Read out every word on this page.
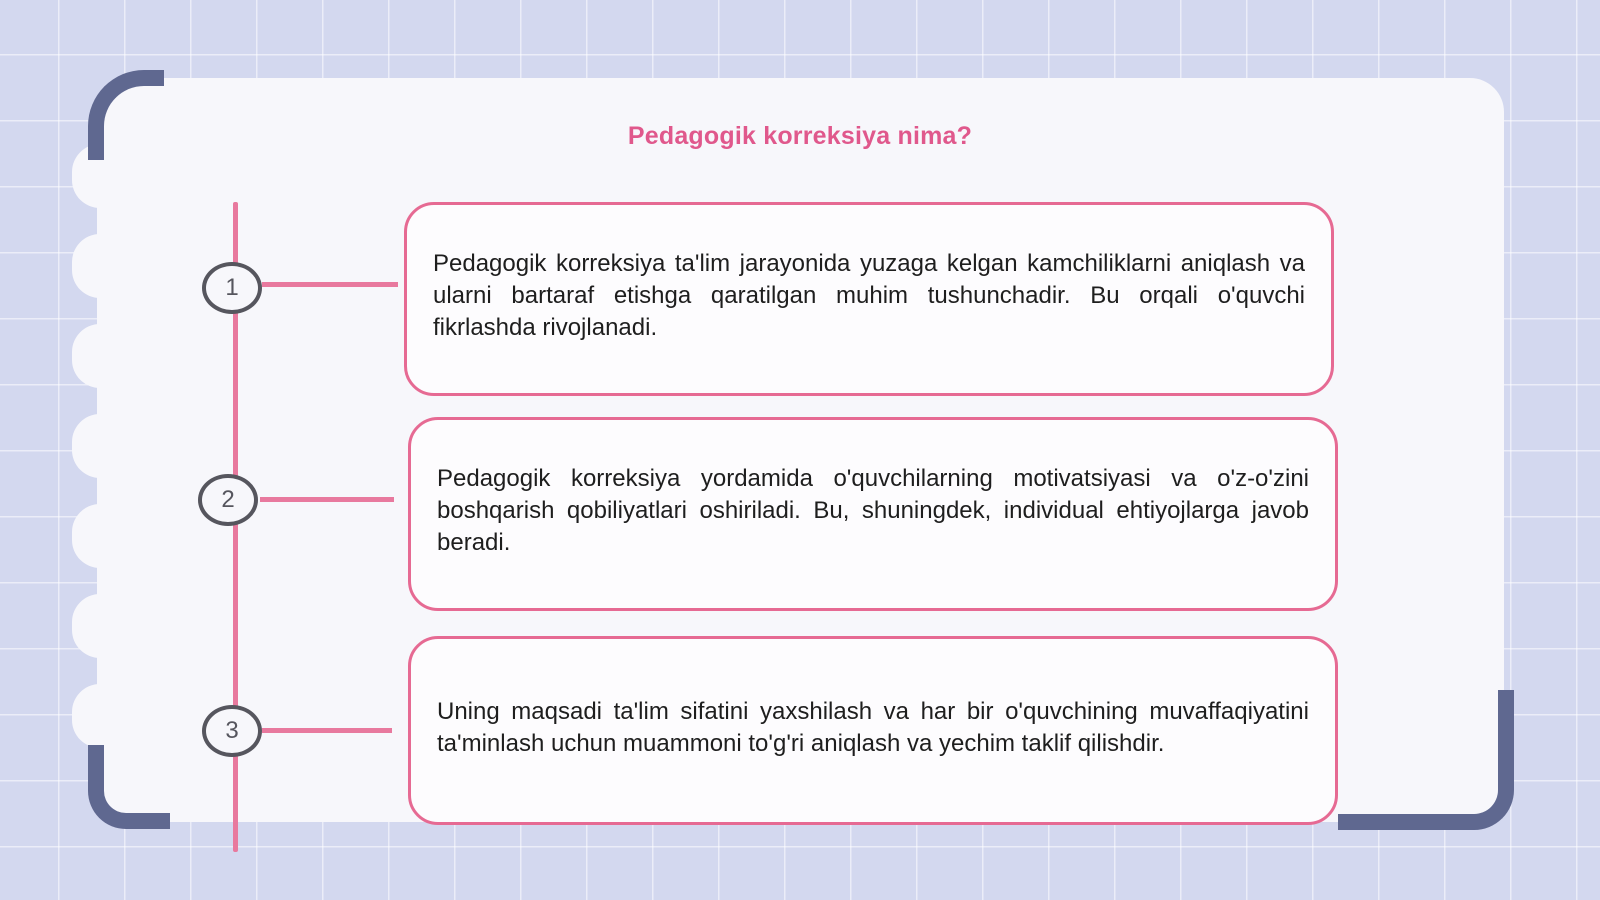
Pedagogik korreksiya nima?
1
2
3
Pedagogik korreksiya ta'lim jarayonida yuzaga kelgan kamchiliklarni aniqlash va ularni bartaraf etishga qaratilgan muhim tushunchadir. Bu orqali o'quvchi fikrlashda rivojlanadi.
Pedagogik korreksiya yordamida o'quvchilarning motivatsiyasi va o'z-o'zini boshqarish qobiliyatlari oshiriladi. Bu, shuningdek, individual ehtiyojlarga javob beradi.
Uning maqsadi ta'lim sifatini yaxshilash va har bir o'quvchining muvaffaqiyatini ta'minlash uchun muammoni to'g'ri aniqlash va yechim taklif qilishdir.
